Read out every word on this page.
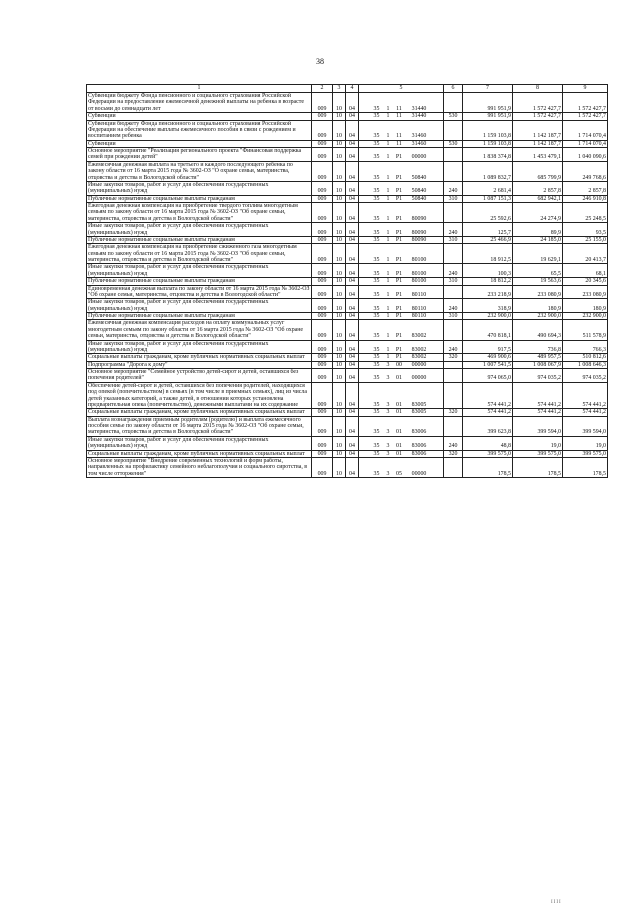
38
1	2	3	4	5	6	7	8	9
Субвенции бюджету Фонда пенсионного и социального страхования Российской Федерации на предоставление ежемесячной денежной выплаты на ребенка в возрасте от восьми до семнадцати лет	009	10	04	35 1 11 31440		991 951,9	1 572 427,7	1 572 427,7
Субвенции	009	10	04	35 1 11 31440	530	991 951,9	1 572 427,7	1 572 427,7
Субвенции бюджету Фонда пенсионного и социального страхования Российской Федерации на обеспечение выплаты ежемесячного пособия в связи с рождением и воспитанием ребенка	009	10	04	35 1 11 31460		1 159 103,8	1 142 187,7	1 714 070,4
Субвенции	009	10	04	35 1 11 31460	530	1 159 103,8	1 142 187,7	1 714 070,4
Основное мероприятие "Реализация регионального проекта "Финансовая поддержка семей при рождении детей"	009	10	04	35 1 P1 00000		1 838 374,8	1 453 479,1	1 040 090,6
Ежемесячная денежная выплата на третьего и каждого последующего ребенка по закону области от 16 марта 2015 года № 3602-ОЗ "О охране семьи, материнства, отцовства и детства в Вологодской области"	009	10	04	35 1 P1 50840		1 089 832,7	685 799,9	249 768,6
Иные закупки товаров, работ и услуг для обеспечения государственных (муниципальных) нужд	009	10	04	35 1 P1 50840	240	2 681,4	2 857,8	2 857,8
Публичные нормативные социальные выплаты гражданам	009	10	04	35 1 P1 50840	310	1 087 151,3	682 942,1	246 910,8
Ежегодная денежная компенсация на приобретение твердого топлива многодетным семьям по закону области от 16 марта 2015 года № 3602-ОЗ "Об охране семьи, материнства, отцовства и детства в Вологодской области"	009	10	04	35 1 P1 80090		25 592,6	24 274,9	25 248,5
Иные закупки товаров, работ и услуг для обеспечения государственных (муниципальных) нужд	009	10	04	35 1 P1 80090	240	125,7	89,9	93,5
Публичные нормативные социальные выплаты гражданам	009	10	04	35 1 P1 80090	310	25 466,9	24 185,0	25 155,0
Ежегодная денежная компенсация на приобретение сжиженного газа многодетным семьям по закону области от 16 марта 2015 года № 3602-ОЗ "Об охране семьи, материнства, отцовства и детства в Вологодской области"	009	10	04	35 1 P1 80100		18 912,5	19 629,1	20 413,7
Иные закупки товаров, работ и услуг для обеспечения государственных (муниципальных) нужд	009	10	04	35 1 P1 80100	240	100,3	65,5	68,1
Публичные нормативные социальные выплаты гражданам	009	10	04	35 1 P1 80100	310	18 812,2	19 563,6	20 345,6
Единовременная денежная выплата по закону области от 16 марта 2015 года № 3602-ОЗ "Об охране семьи, материнства, отцовства и детства в Вологодской области"	009	10	04	35 1 P1 80110		233 218,9	233 080,9	233 080,9
Иные закупки товаров, работ и услуг для обеспечения государственных (муниципальных) нужд	009	10	04	35 1 P1 80110	240	318,9	180,9	180,9
Публичные нормативные социальные выплаты гражданам	009	10	04	35 1 P1 80110	310	232 900,0	232 900,0	232 900,0
Ежемесячная денежная компенсация расходов на оплату коммунальных услуг многодетным семьям по закону области от 16 марта 2015 года № 3602-ОЗ "Об охране семьи, материнства, отцовства и детства в Вологодской области"	009	10	04	35 1 P1 83002		470 818,1	490 694,3	511 578,9
Иные закупки товаров, работ и услуг для обеспечения государственных (муниципальных) нужд	009	10	04	35 1 P1 83002	240	917,5	736,8	766,3
Социальные выплаты гражданам, кроме публичных нормативных социальных выплат	009	10	04	35 1 P1 83002	320	469 900,6	489 957,5	510 812,6
Подпрограмма "Дорога к дому"	009	10	04	35 3 00 00000		1 007 541,5	1 008 067,9	1 008 646,3
Основное мероприятие "Семейное устройство детей-сирот и детей, оставшихся без попечения родителей"	009	10	04	35 3 01 00000		974 065,0	974 035,2	974 035,2
Обеспечение детей-сирот и детей, оставшихся без попечения родителей, находящихся под опекой (попечительством) в семьях (в том числе в приемных семьях), лиц из числа детей указанных категорий, а также детей, в отношении которых установлена предварительная опека (попечительство), денежными выплатами на их содержание	009	10	04	35 3 01 83005		574 441,2	574 441,2	574 441,2
Социальные выплаты гражданам, кроме публичных нормативных социальных выплат	009	10	04	35 3 01 83005	320	574 441,2	574 441,2	574 441,2
Выплата вознаграждения приемным родителям (родителю) и выплата ежемесячного пособия семье по закону области от 16 марта 2015 года № 3602-ОЗ "Об охране семьи, материнства, отцовства и детства в Вологодской области"	009	10	04	35 3 01 83006		399 623,8	399 594,0	399 594,0
Иные закупки товаров, работ и услуг для обеспечения государственных (муниципальных) нужд	009	10	04	35 3 01 83006	240	48,8	19,0	19,0
Социальные выплаты гражданам, кроме публичных нормативных социальных выплат	009	10	04	35 3 01 83006	320	399 575,0	399 575,0	399 575,0
Основное мероприятие "Внедрение современных технологий и форм работы, направленных на профилактику семейного неблагополучия и социального сиротства, в том числе отторжения"	009	10	04	35 3 05 00000		178,5	178,5	178,5
IIII
